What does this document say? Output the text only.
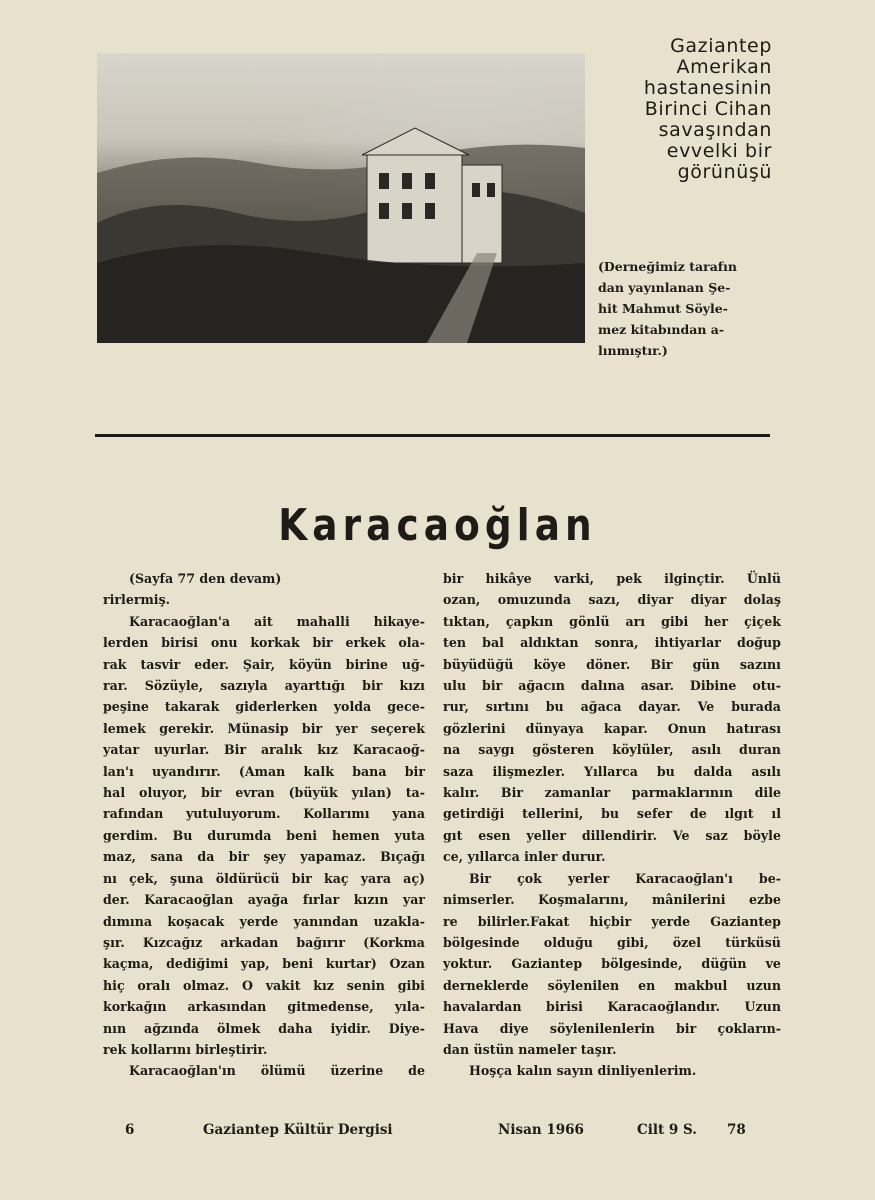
Gaziantep
Amerikan
hastanesinin
Birinci Cihan
savaşından
evvelki bir
görünüşü
(Derneğimiz tarafın
dan yayınlanan Şe-
hit Mahmut Söyle-
mez kitabından a-
lınmıştır.)
Karacaoğlan
(Sayfa 77 den devam)
rirlermiş.
Karacaoğlan'a ait mahalli hikaye-
lerden birisi onu korkak bir erkek ola-
rak tasvir eder. Şair, köyün birine uğ-
rar. Sözüyle, sazıyla ayarttığı bir kızı
peşine takarak giderlerken yolda gece-
lemek gerekir. Münasip bir yer seçerek
yatar uyurlar. Bir aralık kız Karacaoğ-
lan'ı uyandırır. (Aman kalk bana bir
hal oluyor, bir evran (büyük yılan) ta-
rafından yutuluyorum. Kollarımı yana
gerdim. Bu durumda beni hemen yuta
maz, sana da bir şey yapamaz. Bıçağı
nı çek, şuna öldürücü bir kaç yara aç)
der. Karacaoğlan ayağa fırlar kızın yar
dımına koşacak yerde yanından uzakla-
şır. Kızcağız arkadan bağırır (Korkma
kaçma, dediğimi yap, beni kurtar) Ozan
hiç oralı olmaz. O vakit kız senin gibi
korkağın arkasından gitmedense, yıla-
nın ağzında ölmek daha iyidir. Diye-
rek kollarını birleştirir.
Karacaoğlan'ın ölümü üzerine de
bir hikâye varki, pek ilginçtir. Ünlü
ozan, omuzunda sazı, diyar diyar dolaş
tıktan, çapkın gönlü arı gibi her çiçek
ten bal aldıktan sonra, ihtiyarlar doğup
büyüdüğü köye döner. Bir gün sazını
ulu bir ağacın dalına asar. Dibine otu-
rur, sırtını bu ağaca dayar. Ve burada
gözlerini dünyaya kapar. Onun hatırası
na saygı gösteren köylüler, asılı duran
saza ilişmezler. Yıllarca bu dalda asılı
kalır. Bir zamanlar parmaklarının dile
getirdiği tellerini, bu sefer de ılgıt ıl
gıt esen yeller dillendirir. Ve saz böyle
ce, yıllarca inler durur.
Bir çok yerler Karacaoğlan'ı be-
nimserler. Koşmalarını, mânilerini ezbe
re bilirler.Fakat hiçbir yerde Gaziantep
bölgesinde olduğu gibi, özel türküsü
yoktur. Gaziantep bölgesinde, düğün ve
derneklerde söylenilen en makbul uzun
havalardan birisi Karacaoğlandır. Uzun
Hava diye söylenilenlerin bir çokların-
dan üstün nameler taşır.
Hoşça kalın sayın dinliyenlerim.
6	Gaziantep Kültür Dergisi	Nisan 1966	Cilt 9 S. 78
